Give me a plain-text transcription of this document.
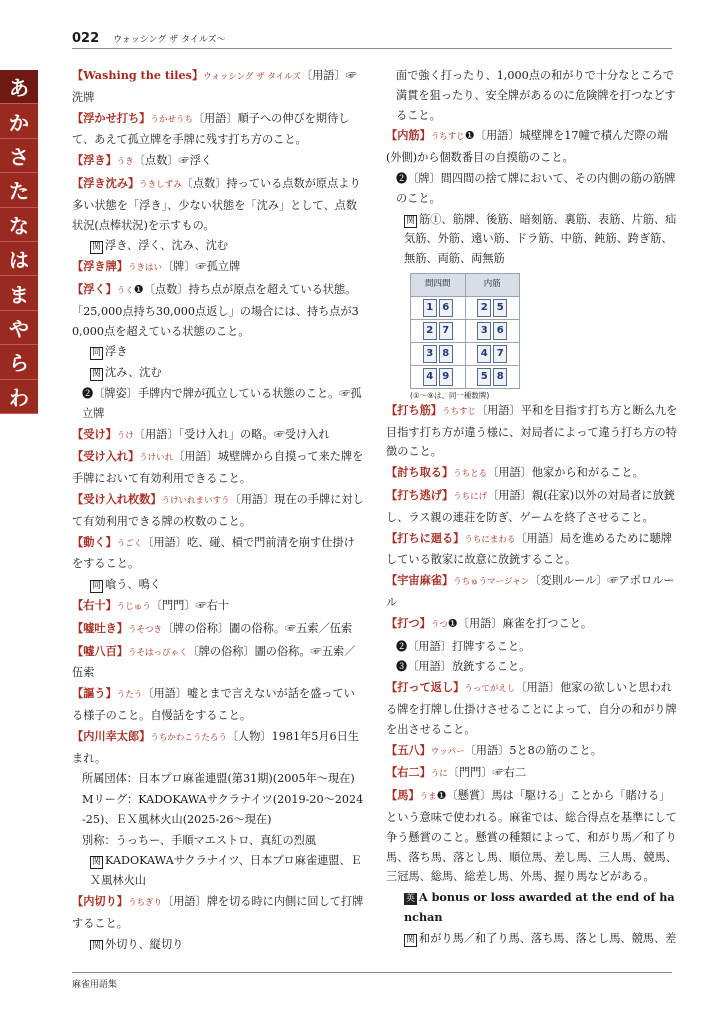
022 ウォッシング ザ タイルズ～
あ
か
さ
た
な
は
ま
や
ら
わ

【Washing the tiles】ウォッシング ザ タイルズ〔用語〕☞洗牌

【浮かせ打ち】うかせうち〔用語〕順子への伸びを期待して、あえて孤立牌を手牌に残す打ち方のこと。

【浮き】うき〔点数〕☞浮く

【浮き沈み】うきしずみ〔点数〕持っている点数が原点より多い状態を「浮き」、少ない状態を「沈み」として、点数状況(点棒状況)を示すもの。

関 浮き、浮く、沈み、沈む

【浮き牌】うきはい〔牌〕☞孤立牌

【浮く】うく❶〔点数〕持ち点が原点を超えている状態。「25,000点持ち30,000点返し」の場合には、持ち点が30,000点を超えている状態のこと。

同 浮き

関 沈み、沈む

❷〔牌姿〕手牌内で牌が孤立している状態のこと。☞孤立牌

【受け】うけ〔用語〕「受け入れ」の略。☞受け入れ

【受け入れ】うけいれ〔用語〕城壁牌から自摸って来た牌を手牌において有効利用できること。

【受け入れ枚数】うけいれまいすう〔用語〕現在の手牌に対して有効利用できる牌の枚数のこと。

【動く】うごく〔用語〕吃、碰、槓で門前清を崩す仕掛けをすること。

同 喰う、鳴く

【右十】うじゅう〔門門〕☞右十

【嘘吐き】うそつき〔牌の俗称〕圕の俗称。☞五索／伍索

【嘘八百】うそはっぴゃく〔牌の俗称〕圕の俗称。☞五索／伍索

【謳う】うたう〔用語〕嘘とまで言えないが話を盛っている様子のこと。自慢話をすること。

【内川幸太郎】うちかわこうたろう〔人物〕1981年5月6日生まれ。

所属団体：日本プロ麻雀連盟(第31期)(2005年～現在)

Mリーグ：KADOKAWAサクラナイツ(2019-20～2024-25)、ＥＸ風林火山(2025-26～現在)

別称：うっちー、手順マエストロ、真紅の烈風

関 KADOKAWAサクラナイツ、日本プロ麻雀連盟、ＥＸ風林火山

【内切り】うちぎり〔用語〕牌を切る時に内側に回して打牌すること。

関 外切り、縦切り

面で強く打ったり、1,000点の和がりで十分なところで満貫を狙ったり、安全牌があるのに危険牌を打つなどすること。

【内筋】うちすじ❶〔用語〕城壁牌を17幢で積んだ際の端(外側)から個数番目の自摸筋のこと。

❷〔牌〕間四間の捨て牌において、その内側の筋の筋牌のこと。

関 筋①、筋牌、後筋、暗刻筋、裏筋、表筋、片筋、疝気筋、外筋、遠い筋、ドラ筋、中筋、鈍筋、跨ぎ筋、無筋、両筋、両無筋

間四間	内筋
1 6	2 5
2 7	3 6
3 8	4 7
4 9	5 8
(①～⑨は、同一種数牌)

【打ち筋】うちすじ〔用語〕平和を目指す打ち方と断么九を目指す打ち方が違う様に、対局者によって違う打ち方の特徴のこと。

【討ち取る】うちとる〔用語〕他家から和がること。

【打ち逃げ】うちにげ〔用語〕親(荘家)以外の対局者に放銃し、ラス親の連荘を防ぎ、ゲームを終了させること。

【打ちに廻る】うちにまわる〔用語〕局を進めるために聴牌している散家に故意に放銃すること。

【宇宙麻雀】うちゅうマージャン〔変則ルール〕☞アポロルール

【打つ】うつ❶〔用語〕麻雀を打つこと。

❷〔用語〕打牌すること。

❸〔用語〕放銃すること。

【打って返し】うってがえし〔用語〕他家の欲しいと思われる牌を打牌し仕掛けさせることによって、自分の和がり牌を出させること。

【五八】ウッパー〔用語〕5と8の筋のこと。

【右二】うに〔門門〕☞右二

【馬】うま❶〔懸賞〕馬は「駆ける」ことから「賭ける」という意味で使われる。麻雀では、総合得点を基準にして争う懸賞のこと。懸賞の種類によって、和がり馬／和了り馬、落ち馬、落とし馬、順位馬、差し馬、三人馬、競馬、三冠馬、総馬、総差し馬、外馬、握り馬などがある。

英 A bonus or loss awarded at the end of hanchan

関 和がり馬／和了り馬、落ち馬、落とし馬、競馬、差

麻雀用語集
